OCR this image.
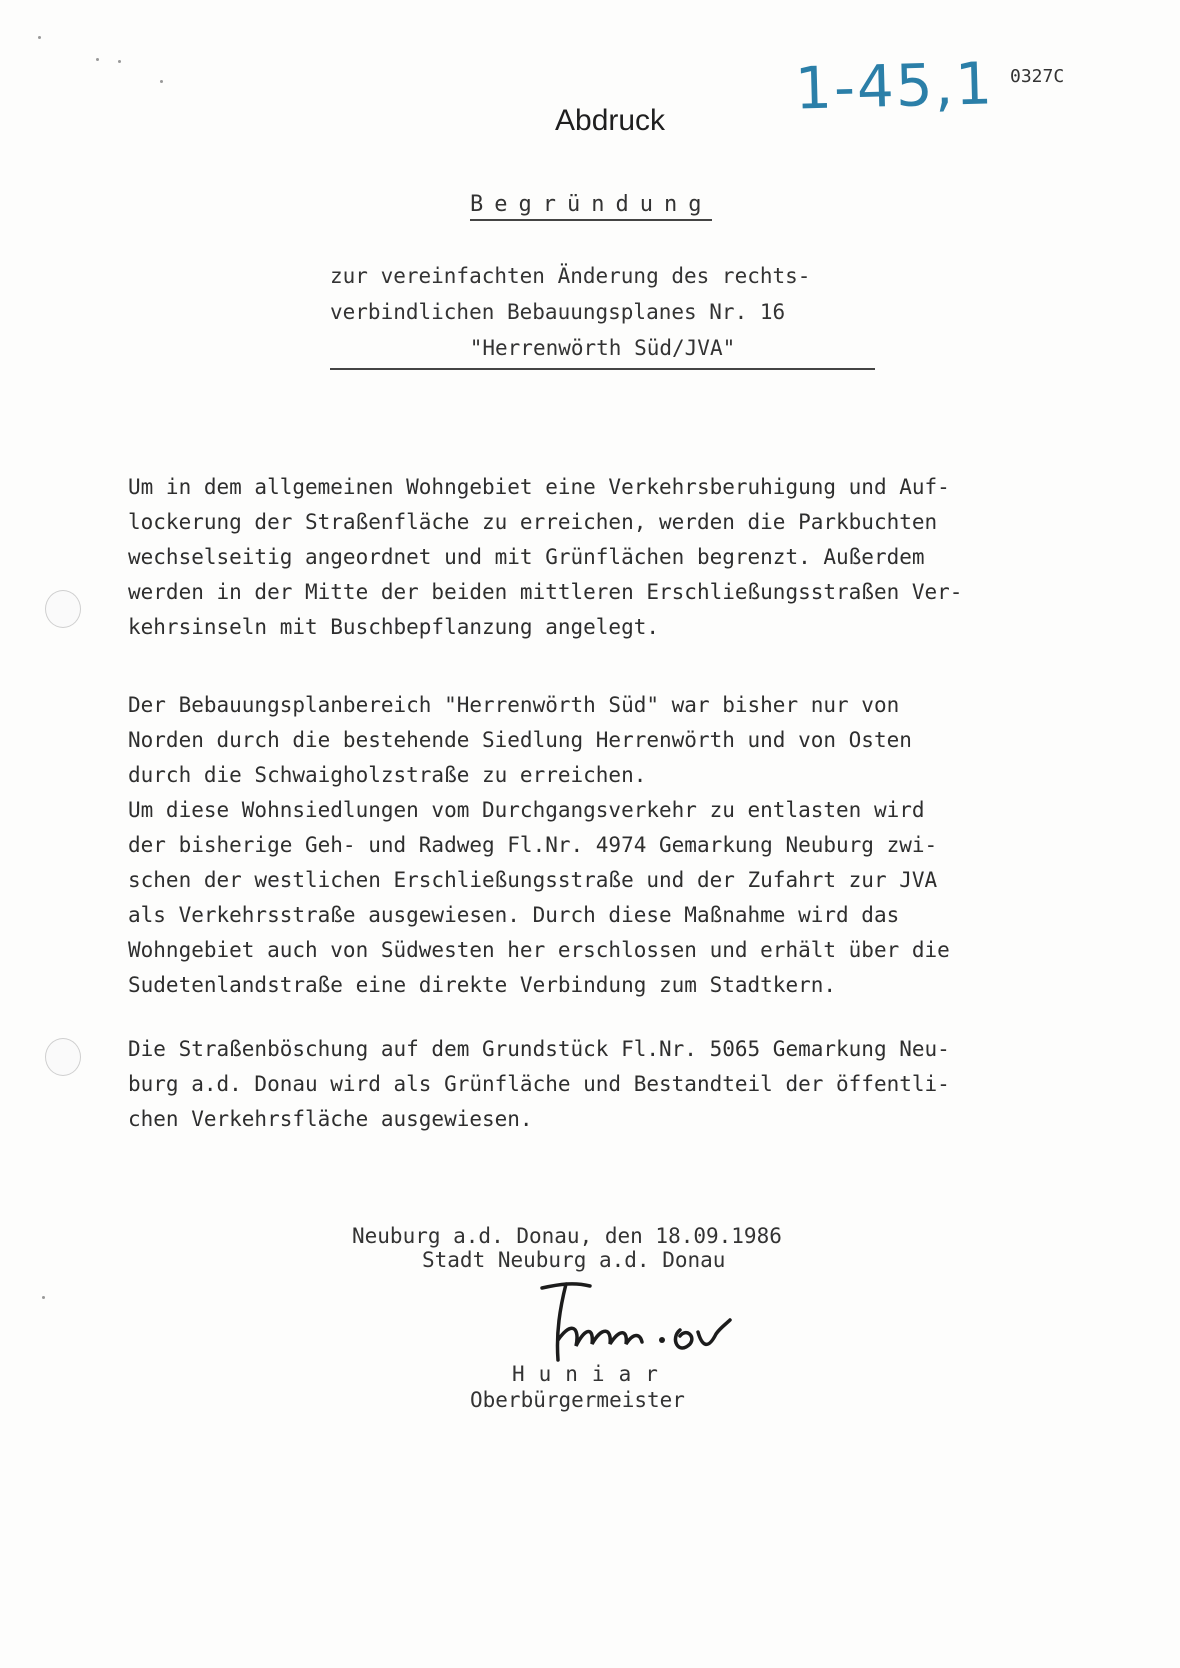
1-45,1 0327C
Abdruck
Begründung
zur vereinfachten Änderung des rechts-
verbindlichen Bebauungsplanes Nr. 16
"Herrenwörth Süd/JVA"
Um in dem allgemeinen Wohngebiet eine Verkehrsberuhigung und Auf-
lockerung der Straßenfläche zu erreichen, werden die Parkbuchten
wechselseitig angeordnet und mit Grünflächen begrenzt. Außerdem
werden in der Mitte der beiden mittleren Erschließungsstraßen Ver-
kehrsinseln mit Buschbepflanzung angelegt.
Der Bebauungsplanbereich "Herrenwörth Süd" war bisher nur von
Norden durch die bestehende Siedlung Herrenwörth und von Osten
durch die Schwaigholzstraße zu erreichen.
Um diese Wohnsiedlungen vom Durchgangsverkehr zu entlasten wird
der bisherige Geh- und Radweg Fl.Nr. 4974 Gemarkung Neuburg zwi-
schen der westlichen Erschließungsstraße und der Zufahrt zur JVA
als Verkehrsstraße ausgewiesen. Durch diese Maßnahme wird das
Wohngebiet auch von Südwesten her erschlossen und erhält über die
Sudetenlandstraße eine direkte Verbindung zum Stadtkern.
Die Straßenböschung auf dem Grundstück Fl.Nr. 5065 Gemarkung Neu-
burg a.d. Donau wird als Grünfläche und Bestandteil der öffentli-
chen Verkehrsfläche ausgewiesen.
Neuburg a.d. Donau, den 18.09.1986
Stadt Neuburg a.d. Donau
Huniar
Oberbürgermeister
